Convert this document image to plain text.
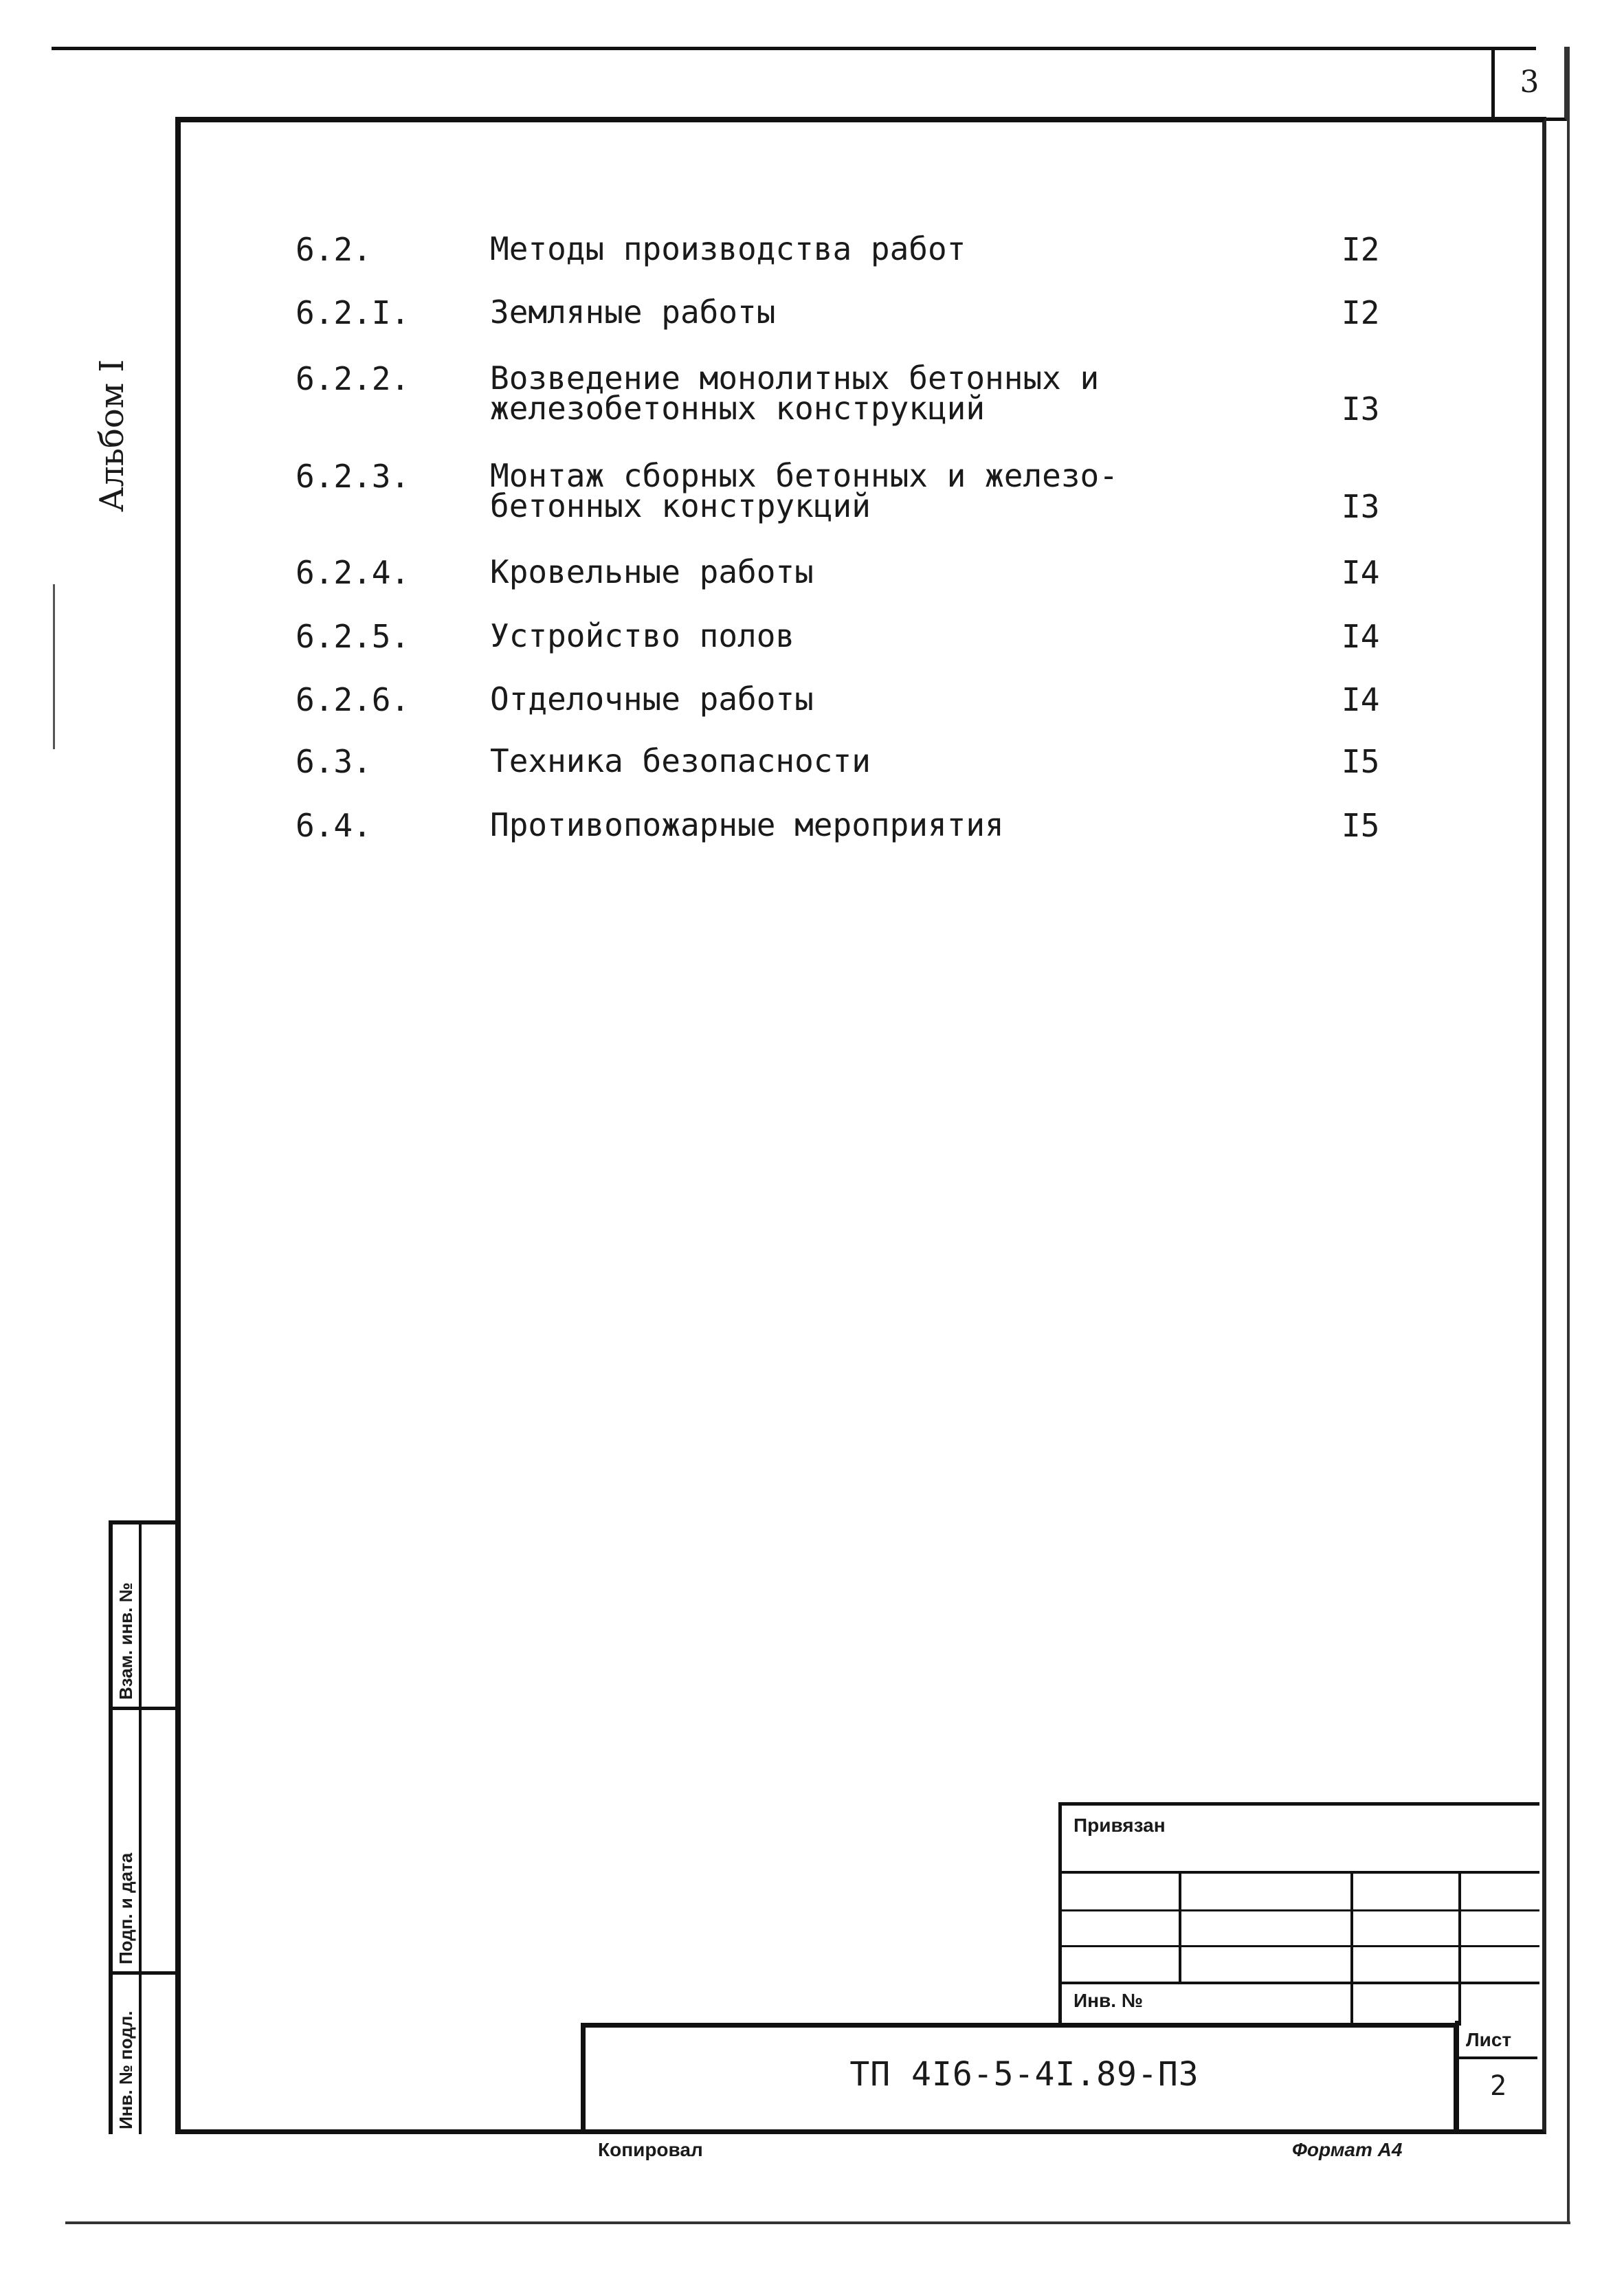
3
Альбом I
6.2.	Методы производства работ	I2
6.2.I.	Земляные работы	I2
6.2.2.	Возведение монолитных бетонных и
железобетонных конструкций	I3
6.2.3.	Монтаж сборных бетонных и железо-
бетонных конструкций	I3
6.2.4.	Кровельные работы	I4
6.2.5.	Устройство полов	I4
6.2.6.	Отделочные работы	I4
6.3.	Техника безопасности	I5
6.4.	Противопожарные мероприятия	I5
Взам. инв. №
Подп. и дата
Инв. № подл.
Привязан
Инв. №
ТП 4I6-5-4I.89-ПЗ
Лист
2
Копировал	Формат А4
